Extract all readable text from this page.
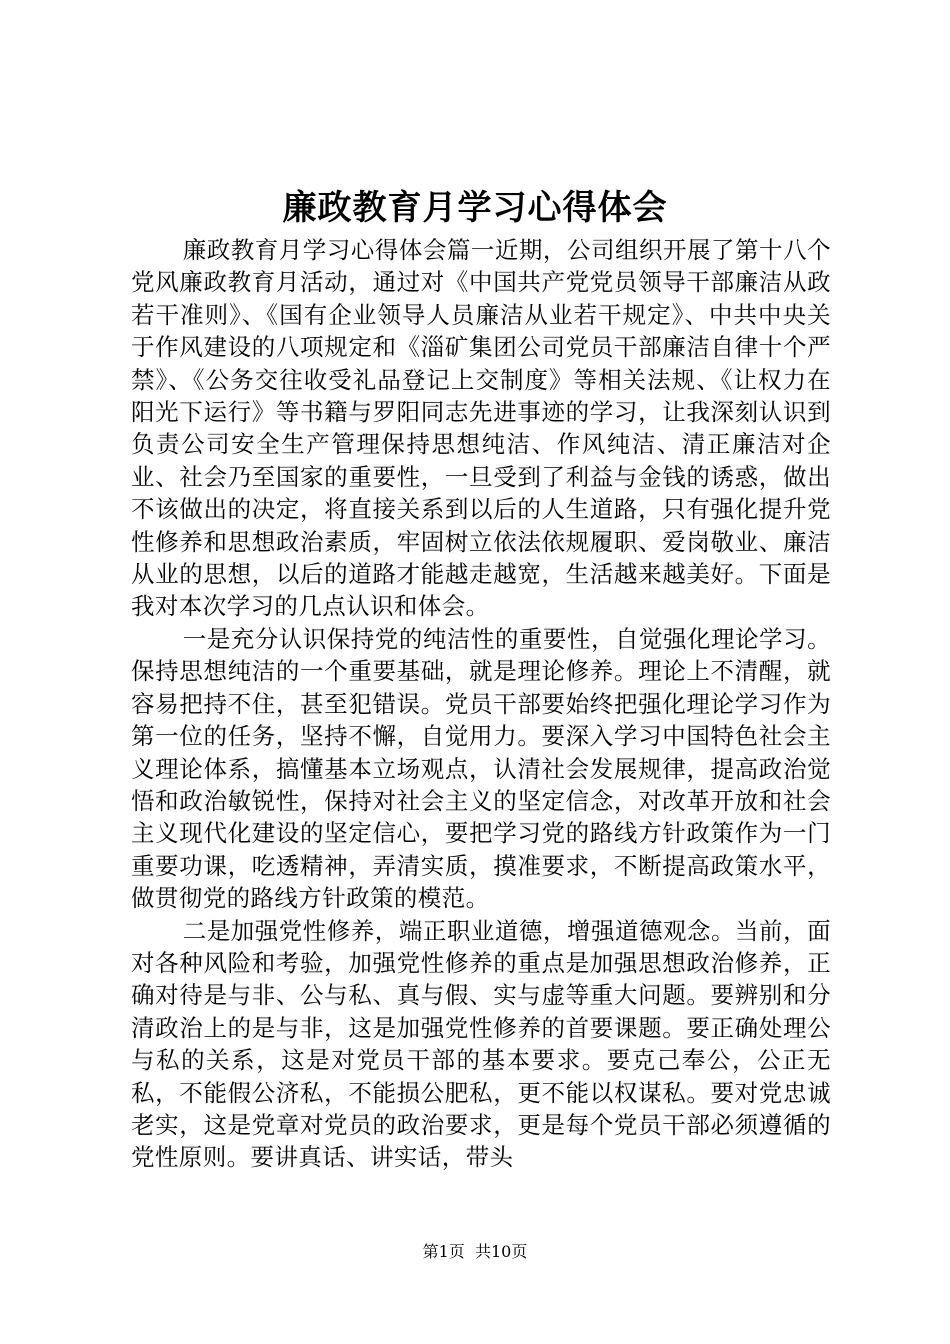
廉政教育月学习心得体会

廉政教育月学习心得体会篇一近期，公司组织开展了第十八个党风廉政教育月活动，通过对《中国共产党党员领导干部廉洁从政若干准则》、《国有企业领导人员廉洁从业若干规定》、中共中央关于作风建设的八项规定和《淄矿集团公司党员干部廉洁自律十个严禁》、《公务交往收受礼品登记上交制度》等相关法规、《让权力在阳光下运行》等书籍与罗阳同志先进事迹的学习，让我深刻认识到负责公司安全生产管理保持思想纯洁、作风纯洁、清正廉洁对企业、社会乃至国家的重要性，一旦受到了利益与金钱的诱惑，做出不该做出的决定，将直接关系到以后的人生道路，只有强化提升党性修养和思想政治素质，牢固树立依法依规履职、爱岗敬业、廉洁从业的思想，以后的道路才能越走越宽，生活越来越美好。下面是我对本次学习的几点认识和体会。

一是充分认识保持党的纯洁性的重要性，自觉强化理论学习。保持思想纯洁的一个重要基础，就是理论修养。理论上不清醒，就容易把持不住，甚至犯错误。党员干部要始终把强化理论学习作为第一位的任务，坚持不懈，自觉用力。要深入学习中国特色社会主义理论体系，搞懂基本立场观点，认清社会发展规律，提高政治觉悟和政治敏锐性，保持对社会主义的坚定信念，对改革开放和社会主义现代化建设的坚定信心，要把学习党的路线方针政策作为一门重要功课，吃透精神，弄清实质，摸准要求，不断提高政策水平，做贯彻党的路线方针政策的模范。

二是加强党性修养，端正职业道德，增强道德观念。当前，面对各种风险和考验，加强党性修养的重点是加强思想政治修养，正确对待是与非、公与私、真与假、实与虚等重大问题。要辨别和分清政治上的是与非，这是加强党性修养的首要课题。要正确处理公与私的关系，这是对党员干部的基本要求。要克己奉公，公正无私，不能假公济私，不能损公肥私，更不能以权谋私。要对党忠诚老实，这是党章对党员的政治要求，更是每个党员干部必须遵循的党性原则。要讲真话、讲实话，带头

第1页 共10页
